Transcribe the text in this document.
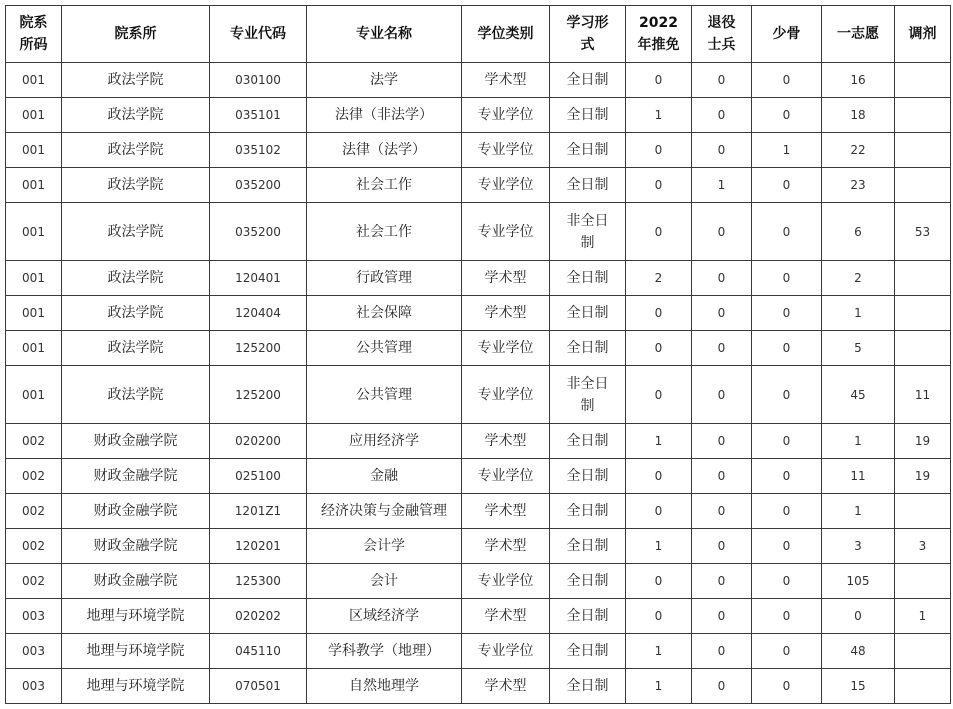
院系所码	院系所	专业代码	专业名称	学位类别	学习形式	2022年推免	退役士兵	少骨	一志愿	调剂
001	政法学院	030100	法学	学术型	全日制	0	0	0	16	
001	政法学院	035101	法律（非法学）	专业学位	全日制	1	0	0	18	
001	政法学院	035102	法律（法学）	专业学位	全日制	0	0	1	22	
001	政法学院	035200	社会工作	专业学位	全日制	0	1	0	23	
001	政法学院	035200	社会工作	专业学位	非全日制	0	0	0	6	53
001	政法学院	120401	行政管理	学术型	全日制	2	0	0	2	
001	政法学院	120404	社会保障	学术型	全日制	0	0	0	1	
001	政法学院	125200	公共管理	专业学位	全日制	0	0	0	5	
001	政法学院	125200	公共管理	专业学位	非全日制	0	0	0	45	11
002	财政金融学院	020200	应用经济学	学术型	全日制	1	0	0	1	19
002	财政金融学院	025100	金融	专业学位	全日制	0	0	0	11	19
002	财政金融学院	1201Z1	经济决策与金融管理	学术型	全日制	0	0	0	1	
002	财政金融学院	120201	会计学	学术型	全日制	1	0	0	3	3
002	财政金融学院	125300	会计	专业学位	全日制	0	0	0	105	
003	地理与环境学院	020202	区域经济学	学术型	全日制	0	0	0	0	1
003	地理与环境学院	045110	学科教学（地理）	专业学位	全日制	1	0	0	48	
003	地理与环境学院	070501	自然地理学	学术型	全日制	1	0	0	15	
